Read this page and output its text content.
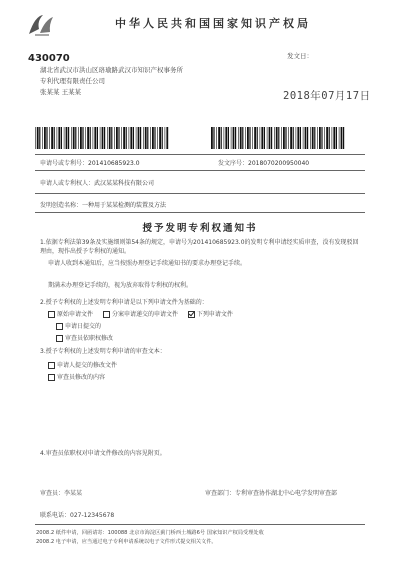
中华人民共和国国家知识产权局
430070
湖北省武汉市洪山区珞瑜路武汉市知识产权事务所
专利代理有限责任公司
张某某 王某某
发文日：
2018年07月17日
申请号或专利号：201410685923.0	发文序号：2018070200950040
申请人或专利权人：武汉某某科技有限公司
发明创造名称：一种用于某某检测的装置及方法
授予发明专利权通知书
1.依据专利法第39条及实施细则第54条的规定，申请号为201410685923.0的发明专利申请经实质审查，没有发现驳回理由，现作出授予专利权的通知。
申请人收到本通知后，应当按照办理登记手续通知书的要求办理登记手续。
期满未办理登记手续的，视为放弃取得专利权的权利。
2.授予专利权的上述发明专利申请是以下列申请文件为基础的：
原始申请文件	分案申请递交的申请文件	下列申请文件
申请日提交的
审查员依职权修改
3.授予专利权的上述发明专利申请的审查文本：
申请人提交的修改文件
审查员修改的内容
4.审查员依职权对申请文件修改的内容见附页。
审查员：李某某	审查部门：专利审查协作湖北中心电学发明审查部
联系电话：027-12345678
2008.2 纸件申请，回函请寄：100088 北京市海淀区蓟门桥西土城路6号 国家知识产权局受理处收
2008.2 电子申请，应当通过电子专利申请系统以电子文件形式提交相关文件。
